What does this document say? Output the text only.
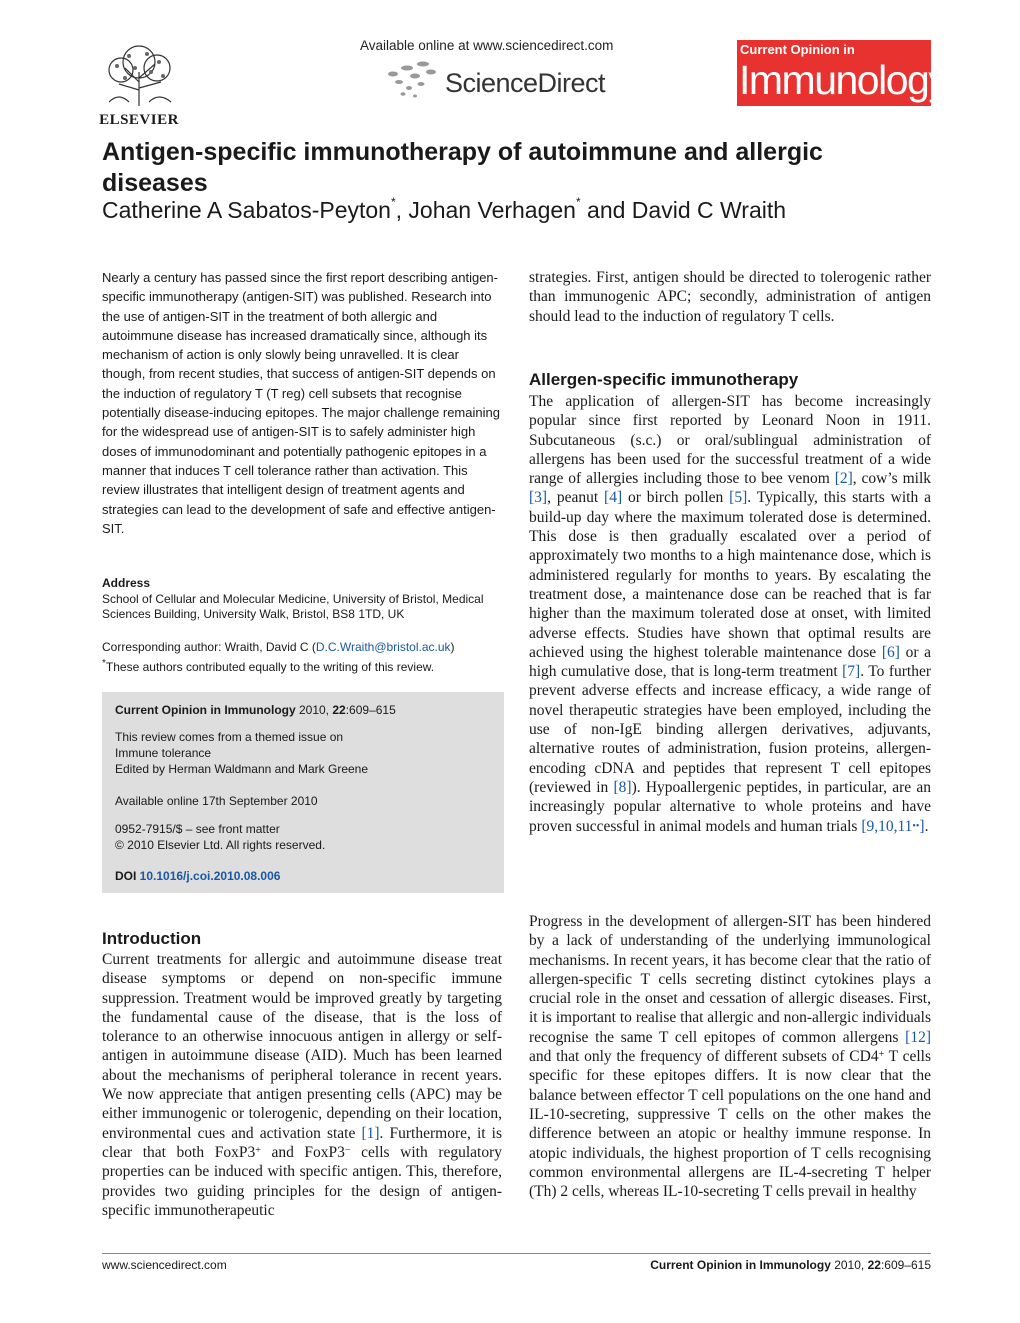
ELSEVIER
Available online at www.sciencedirect.com
ScienceDirect
Current Opinion in
Immunology
Antigen-specific immunotherapy of autoimmune and allergic diseases
Catherine A Sabatos-Peyton*, Johan Verhagen* and David C Wraith

Nearly a century has passed since the first report describing antigen-specific immunotherapy (antigen-SIT) was published. Research into the use of antigen-SIT in the treatment of both allergic and autoimmune disease has increased dramatically since, although its mechanism of action is only slowly being unravelled. It is clear though, from recent studies, that success of antigen-SIT depends on the induction of regulatory T (T reg) cell subsets that recognise potentially disease-inducing epitopes. The major challenge remaining for the widespread use of antigen-SIT is to safely administer high doses of immunodominant and potentially pathogenic epitopes in a manner that induces T cell tolerance rather than activation. This review illustrates that intelligent design of treatment agents and strategies can lead to the development of safe and effective antigen-SIT.

Address
School of Cellular and Molecular Medicine, University of Bristol, Medical Sciences Building, University Walk, Bristol, BS8 1TD, UK
Corresponding author: Wraith, David C (D.C.Wraith@bristol.ac.uk)
*These authors contributed equally to the writing of this review.
Current Opinion in Immunology 2010, 22:609–615
This review comes from a themed issue on
Immune tolerance
Edited by Herman Waldmann and Mark Greene
Available online 17th September 2010
0952-7915/$ – see front matter
© 2010 Elsevier Ltd. All rights reserved.
DOI 10.1016/j.coi.2010.08.006
Introduction

Current treatments for allergic and autoimmune disease treat disease symptoms or depend on non-specific immune suppression. Treatment would be improved greatly by targeting the fundamental cause of the disease, that is the loss of tolerance to an otherwise innocuous antigen in allergy or self-antigen in autoimmune disease (AID). Much has been learned about the mechanisms of peripheral tolerance in recent years. We now appreciate that antigen presenting cells (APC) may be either immunogenic or tolerogenic, depending on their location, environmental cues and activation state [1]. Furthermore, it is clear that both FoxP3+ and FoxP3− cells with regulatory properties can be induced with specific antigen. This, therefore, provides two guiding principles for the design of antigen-specific immunotherapeutic

strategies. First, antigen should be directed to tolerogenic rather than immunogenic APC; secondly, administration of antigen should lead to the induction of regulatory T cells.

Allergen-specific immunotherapy

The application of allergen-SIT has become increasingly popular since first reported by Leonard Noon in 1911. Subcutaneous (s.c.) or oral/sublingual administration of allergens has been used for the successful treatment of a wide range of allergies including those to bee venom [2], cow’s milk [3], peanut [4] or birch pollen [5]. Typically, this starts with a build-up day where the maximum tolerated dose is determined. This dose is then gradually escalated over a period of approximately two months to a high maintenance dose, which is administered regularly for months to years. By escalating the treatment dose, a maintenance dose can be reached that is far higher than the maximum tolerated dose at onset, with limited adverse effects. Studies have shown that optimal results are achieved using the highest tolerable maintenance dose [6] or a high cumulative dose, that is long-term treatment [7]. To further prevent adverse effects and increase efficacy, a wide range of novel therapeutic strategies have been employed, including the use of non-IgE binding allergen derivatives, adjuvants, alternative routes of administration, fusion proteins, allergen-encoding cDNA and peptides that represent T cell epitopes (reviewed in [8]). Hypoallergenic peptides, in particular, are an increasingly popular alternative to whole proteins and have proven successful in animal models and human trials [9,10,11••].

Progress in the development of allergen-SIT has been hindered by a lack of understanding of the underlying immunological mechanisms. In recent years, it has become clear that the ratio of allergen-specific T cells secreting distinct cytokines plays a crucial role in the onset and cessation of allergic diseases. First, it is important to realise that allergic and non-allergic individuals recognise the same T cell epitopes of common allergens [12] and that only the frequency of different subsets of CD4+ T cells specific for these epitopes differs. It is now clear that the balance between effector T cell populations on the one hand and IL-10-secreting, suppressive T cells on the other makes the difference between an atopic or healthy immune response. In atopic individuals, the highest proportion of T cells recognising common environmental allergens are IL-4-secreting T helper (Th) 2 cells, whereas IL-10-secreting T cells prevail in healthy

www.sciencedirect.com	Current Opinion in Immunology 2010, 22:609–615
